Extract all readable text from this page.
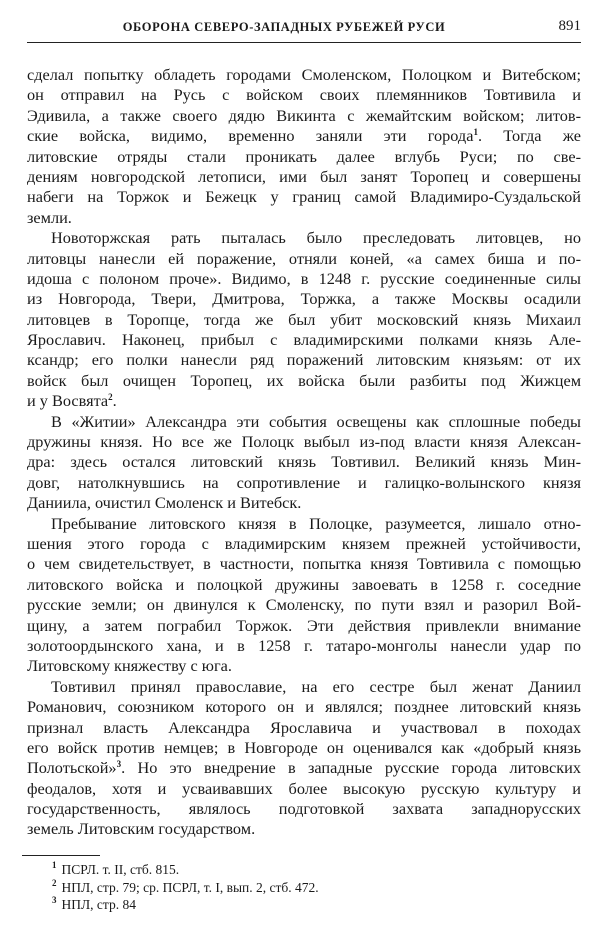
ОБОРОНА СЕВЕРО-ЗАПАДНЫХ РУБЕЖЕЙ РУСИ	891
сделал попытку обладеть городами Смоленском, Полоцком и Витебском;
он отправил на Русь с войском своих племянников Товтивила и
Эдивила, а также своего дядю Викинта с жемайтским войском; литов-
ские войска, видимо, временно заняли эти города$^1$. Тогда же
литовские отряды стали проникать далее вглубь Руси; по све-
дениям новгородской летописи, ими был занят Торопец и совершены
набеги на Торжок и Бежецк у границ самой Владимиро-Суздальской
земли.
Новоторжская рать пыталась было преследовать литовцев, но
литовцы нанесли ей поражение, отняли коней, «а самех биша и по-
идоша с полоном проче». Видимо, в 1248 г. русские соединенные силы
из Новгорода, Твери, Дмитрова, Торжка, а также Москвы осадили
литовцев в Торопце, тогда же был убит московский князь Михаил
Ярославич. Наконец, прибыл с владимирскими полками князь Але-
ксандр; его полки нанесли ряд поражений литовским князьям: от их
войск был очищен Торопец, их войска были разбиты под Жижцем
и у Восвята$^2$.
В «Житии» Александра эти события освещены как сплошные победы
дружины князя. Но все же Полоцк выбыл из-под власти князя Алексан-
дра: здесь остался литовский князь Товтивил. Великий князь Мин-
довг, натолкнувшись на сопротивление и галицко-волынского князя
Даниила, очистил Смоленск и Витебск.
Пребывание литовского князя в Полоцке, разумеется, лишало отно-
шения этого города с владимирским князем прежней устойчивости,
о чем свидетельствует, в частности, попытка князя Товтивила с помощью
литовского войска и полоцкой дружины завоевать в 1258 г. соседние
русские земли; он двинулся к Смоленску, по пути взял и разорил Вой-
щину, а затем пограбил Торжок. Эти действия привлекли внимание
золотоордынского хана, и в 1258 г. татаро-монголы нанесли удар по
Литовскому княжеству с юга.
Товтивил принял православие, на его сестре был женат Даниил
Романович, союзником которого он и являлся; позднее литовский князь
признал власть Александра Ярославича и участвовал в походах
его войск против немцев; в Новгороде он оценивался как «добрый князь
Полотьской»$^3$. Но это внедрение в западные русские города литовских
феодалов, хотя и усваивавших более высокую русскую культуру и
государственность, являлось подготовкой захвата западнорусских
земель Литовским государством.
$^1$ ПСРЛ. т. II, стб. 815.
$^2$ НПЛ, стр. 79; ср. ПСРЛ, т. I, вып. 2, стб. 472.
$^3$ НПЛ, стр. 84
